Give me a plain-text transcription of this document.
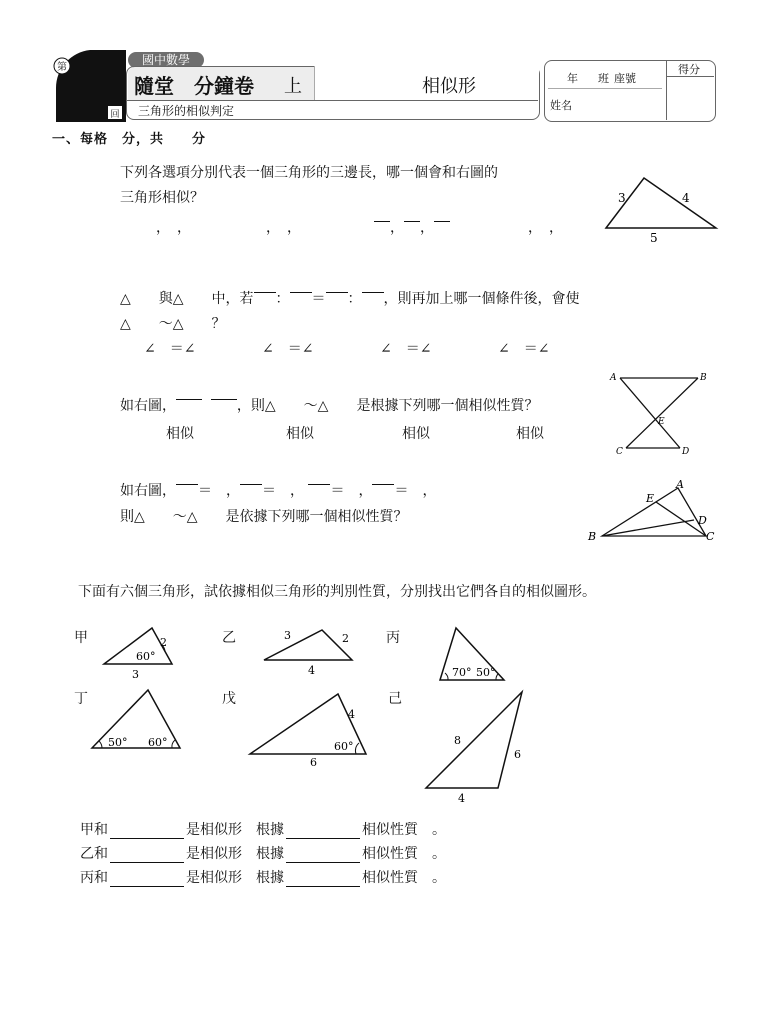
第
回
國中數學
隨堂　分鐘卷 上	相似形
三角形的相似判定
年 班 座號
姓名
得分
一、每格　分，共　　分
下列各選項分別代表一個三角形的三邊長，哪一個會和右圖的
三角形相似？
，　，	，　，	， ，	，　，
3	4
5
△　　與△　　中，若 ： ＝ ： ，則再加上哪一個條件後，會使
△　　～△　　？
∠　＝∠	∠　＝∠	∠　＝∠	∠　＝∠
如右圖，	，則△　　～△　　是根據下列哪一個相似性質？
相似	相似	相似	相似
A	B
C	D
E
如右圖， ＝　， ＝　， ＝　， ＝　，
則△　　～△　　是依據下列哪一個相似性質？
A
B	C
D
E
下面有六個三角形，試依據相似三角形的判別性質，分別找出它們各自的相似圖形。
甲	2
60°
3
乙	3	2
4
丙
70° 50°
丁
50° 60°
戊
4
60°
6
己
8
6
4
甲和	是相似形　根據	相似性質　。
乙和	是相似形　根據	相似性質　。
丙和	是相似形　根據	相似性質　。
